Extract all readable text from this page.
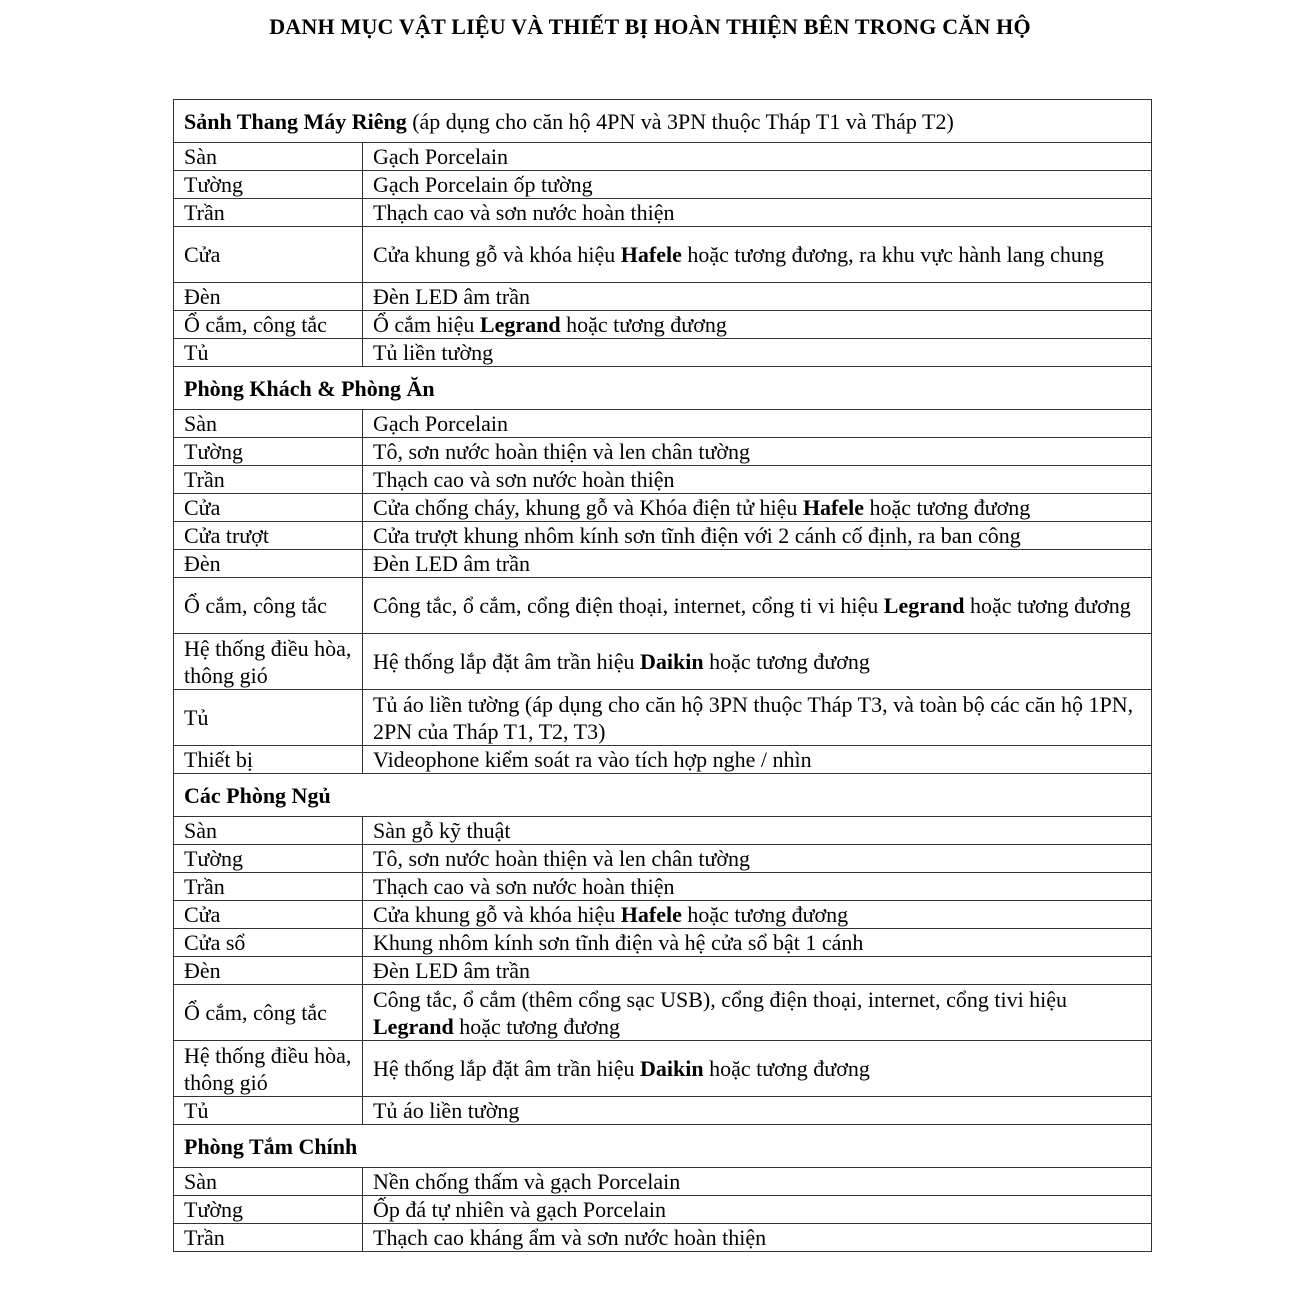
DANH MỤC VẬT LIỆU VÀ THIẾT BỊ HOÀN THIỆN BÊN TRONG CĂN HỘ
Sảnh Thang Máy Riêng (áp dụng cho căn hộ 4PN và 3PN thuộc Tháp T1 và Tháp T2)	
Sàn	Gạch Porcelain
Tường	Gạch Porcelain ốp tường
Trần	Thạch cao và sơn nước hoàn thiện
Cửa	Cửa khung gỗ và khóa hiệu Hafele hoặc tương đương, ra khu vực hành lang chung
Đèn	Đèn LED âm trần
Ổ cắm, công tắc	Ổ cắm hiệu Legrand hoặc tương đương
Tủ	Tủ liền tường
Phòng Khách & Phòng Ăn	
Sàn	Gạch Porcelain
Tường	Tô, sơn nước hoàn thiện và len chân tường
Trần	Thạch cao và sơn nước hoàn thiện
Cửa	Cửa chống cháy, khung gỗ và Khóa điện tử hiệu Hafele hoặc tương đương
Cửa trượt	Cửa trượt khung nhôm kính sơn tĩnh điện với 2 cánh cố định, ra ban công
Đèn	Đèn LED âm trần
Ổ cắm, công tắc	Công tắc, ổ cắm, cổng điện thoại, internet, cổng ti vi hiệu Legrand hoặc tương đương
Hệ thống điều hòa, thông gió	Hệ thống lắp đặt âm trần hiệu Daikin hoặc tương đương
Tủ	Tủ áo liền tường (áp dụng cho căn hộ 3PN thuộc Tháp T3, và toàn bộ các căn hộ 1PN, 2PN của Tháp T1, T2, T3)
Thiết bị	Videophone kiểm soát ra vào tích hợp nghe / nhìn
Các Phòng Ngủ	
Sàn	Sàn gỗ kỹ thuật
Tường	Tô, sơn nước hoàn thiện và len chân tường
Trần	Thạch cao và sơn nước hoàn thiện
Cửa	Cửa khung gỗ và khóa hiệu Hafele hoặc tương đương
Cửa sổ	Khung nhôm kính sơn tĩnh điện và hệ cửa sổ bật 1 cánh
Đèn	Đèn LED âm trần
Ổ cắm, công tắc	Công tắc, ổ cắm (thêm cổng sạc USB), cổng điện thoại, internet, cổng tivi hiệu Legrand hoặc tương đương
Hệ thống điều hòa, thông gió	Hệ thống lắp đặt âm trần hiệu Daikin hoặc tương đương
Tủ	Tủ áo liền tường
Phòng Tắm Chính	
Sàn	Nền chống thấm và gạch Porcelain
Tường	Ốp đá tự nhiên và gạch Porcelain
Trần	Thạch cao kháng ẩm và sơn nước hoàn thiện
